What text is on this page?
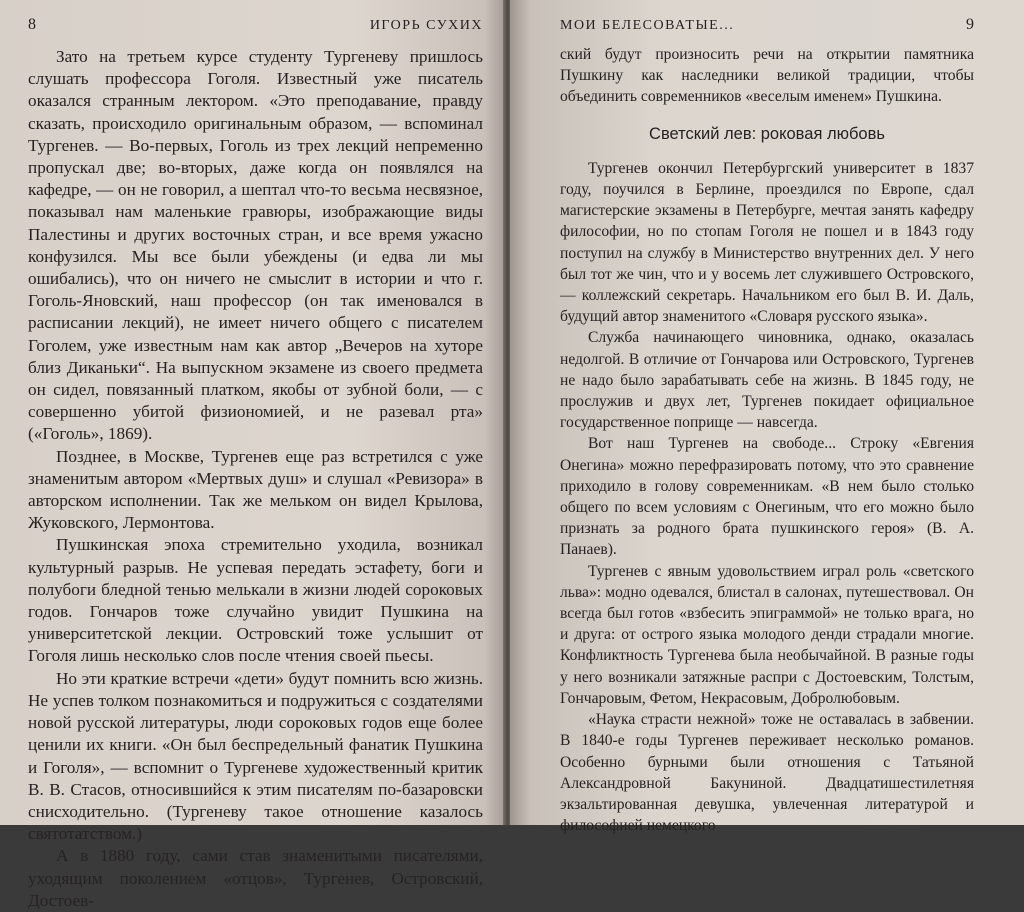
8	ИГОРЬ СУХИХ

Зато на третьем курсе студенту Тургеневу пришлось слушать профессора Гоголя. Известный уже писатель оказался странным лектором. «Это преподавание, правду сказать, происходило оригинальным образом, — вспоминал Тургенев. — Во-первых, Гоголь из трех лекций непременно пропускал две; во-вторых, даже когда он появлялся на кафедре, — он не говорил, а шептал что-то весьма несвязное, показывал нам маленькие гравюры, изображающие виды Палестины и других восточных стран, и все время ужасно конфузился. Мы все были убеждены (и едва ли мы ошибались), что он ничего не смыслит в истории и что г. Гоголь-Яновский, наш профессор (он так именовался в расписании лекций), не имеет ничего общего с писателем Гоголем, уже известным нам как автор „Вечеров на хуторе близ Диканьки“. На выпускном экзамене из своего предмета он сидел, повязанный платком, якобы от зубной боли, — с совершенно убитой физиономией, и не разевал рта» («Гоголь», 1869).

Позднее, в Москве, Тургенев еще раз встретился с уже знаменитым автором «Мертвых душ» и слушал «Ревизора» в авторском исполнении. Так же мельком он видел Крылова, Жуковского, Лермонтова.

Пушкинская эпоха стремительно уходила, возникал культурный разрыв. Не успевая передать эстафету, боги и полубоги бледной тенью мелькали в жизни людей сороковых годов. Гончаров тоже случайно увидит Пушкина на университетской лекции. Островский тоже услышит от Гоголя лишь несколько слов после чтения своей пьесы.

Но эти краткие встречи «дети» будут помнить всю жизнь. Не успев толком познакомиться и подружиться с создателями новой русской литературы, люди сороковых годов еще более ценили их книги. «Он был беспредельный фанатик Пушкина и Гоголя», — вспомнит о Тургеневе художественный критик В. В. Стасов, относившийся к этим писателям по-базаровски снисходительно. (Тургеневу такое отношение казалось святотатством.)

А в 1880 году, сами став знаменитыми писателями, уходящим поколением «отцов», Тургенев, Островский, Достоев-

МОИ БЕЛЕСОВАТЫЕ...	9

ский будут произносить речи на открытии памятника Пушкину как наследники великой традиции, чтобы объединить современников «веселым именем» Пушкина.

Светский лев: роковая любовь

Тургенев окончил Петербургский университет в 1837 году, поучился в Берлине, проездился по Европе, сдал магистерские экзамены в Петербурге, мечтая занять кафедру философии, но по стопам Гоголя не пошел и в 1843 году поступил на службу в Министерство внутренних дел. У него был тот же чин, что и у восемь лет служившего Островского, — коллежский секретарь. Начальником его был В. И. Даль, будущий автор знаменитого «Словаря русского языка».

Служба начинающего чиновника, однако, оказалась недолгой. В отличие от Гончарова или Островского, Тургенев не надо было зарабатывать себе на жизнь. В 1845 году, не прослужив и двух лет, Тургенев покидает официальное государственное поприще — навсегда.

Вот наш Тургенев на свободе... Строку «Евгения Онегина» можно перефразировать потому, что это сравнение приходило в голову современникам. «В нем было столько общего по всем условиям с Онегиным, что его можно было признать за родного брата пушкинского героя» (В. А. Панаев).

Тургенев с явным удовольствием играл роль «светского льва»: модно одевался, блистал в салонах, путешествовал. Он всегда был готов «взбесить эпиграммой» не только врага, но и друга: от острого языка молодого денди страдали многие. Конфликтность Тургенева была необычайной. В разные годы у него возникали затяжные распри с Достоевским, Толстым, Гончаровым, Фетом, Некрасовым, Добролюбовым.

«Наука страсти нежной» тоже не оставалась в забвении. В 1840-е годы Тургенев переживает несколько романов. Особенно бурными были отношения с Татьяной Александровной Бакуниной. Двадцатишестилетняя экзальтированная девушка, увлеченная литературой и философией немецкого
